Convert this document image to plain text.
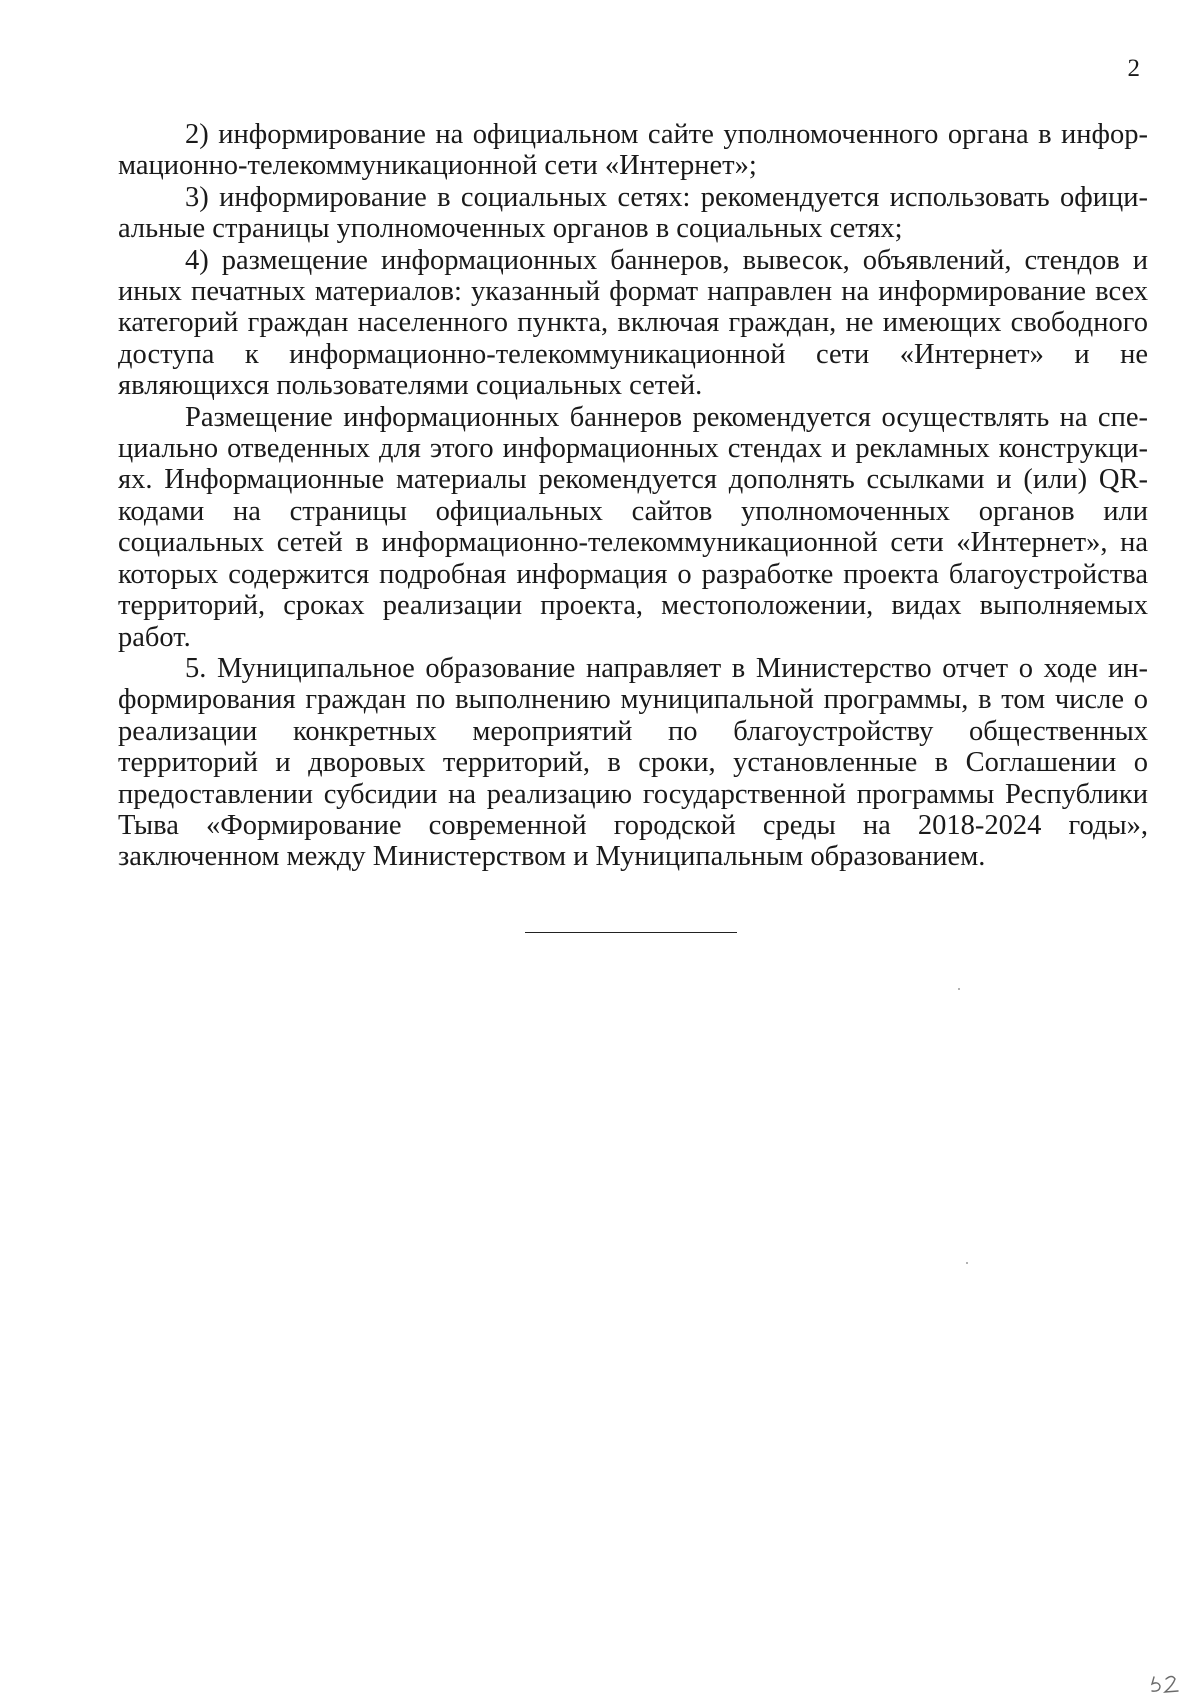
2

2) информирование на официальном сайте уполномоченного органа в информационно-телекоммуникационной сети «Интернет»;

3) информирование в социальных сетях: рекомендуется использовать официальные страницы уполномоченных органов в социальных сетях;

4) размещение информационных баннеров, вывесок, объявлений, стендов и иных печатных материалов: указанный формат направлен на информирование всех категорий граждан населенного пункта, включая граждан, не имеющих свободного доступа к информационно-телекоммуникационной сети «Интернет» и не являющихся пользователями социальных сетей.

Размещение информационных баннеров рекомендуется осуществлять на специально отведенных для этого информационных стендах и рекламных конструкциях. Информационные материалы рекомендуется дополнять ссылками и (или) QR-кодами на страницы официальных сайтов уполномоченных органов или социальных сетей в информационно-телекоммуникационной сети «Интернет», на которых содержится подробная информация о разработке проекта благоустройства территорий, сроках реализации проекта, местоположении, видах выполняемых работ.

5. Муниципальное образование направляет в Министерство отчет о ходе информирования граждан по выполнению муниципальной программы, в том числе о реализации конкретных мероприятий по благоустройству общественных территорий и дворовых территорий, в сроки, установленные в Соглашении о предоставлении субсидии на реализацию государственной программы Республики Тыва «Формирование современной городской среды на 2018-2024 годы», заключенном между Министерством и Муниципальным образованием.
